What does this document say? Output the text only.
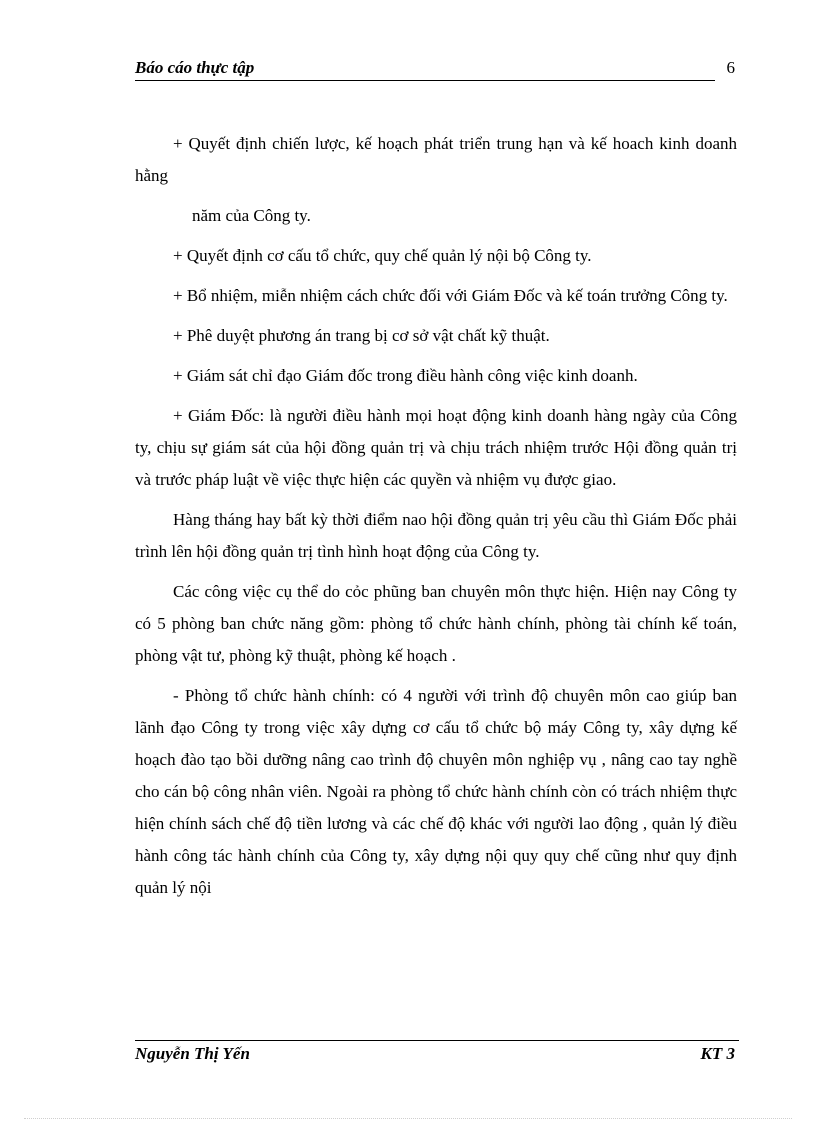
Báo cáo thực tập	6

+ Quyết định chiến lược, kế hoạch phát triển trung hạn và kế hoach kinh doanh hằng

năm của Công ty.

+ Quyết định cơ cấu tổ chức, quy chế quản lý nội bộ Công ty.

+ Bổ nhiệm, miễn nhiệm cách chức đối với Giám Đốc và kế toán trưởng Công ty.

+ Phê duyệt phương án trang bị cơ sở vật chất kỹ thuật.

+ Giám sát chỉ đạo Giám đốc trong điều hành công việc kinh doanh.

+ Giám Đốc: là người điều hành mọi hoạt động kinh doanh hàng ngày của Công ty, chịu sự giám sát của hội đồng quản trị và chịu trách nhiệm trước Hội đồng quản trị và trước pháp luật về việc thực hiện các quyền và nhiệm vụ được giao.

Hàng tháng hay bất kỳ thời điểm nao hội đồng quản trị yêu cầu thì Giám Đốc phải trình lên hội đồng quản trị tình hình hoạt động của Công ty.

Các công việc cụ thể do cỏc phũng ban chuyên môn thực hiện. Hiện nay Công ty có 5 phòng ban chức năng gồm: phòng tổ chức hành chính, phòng tài chính kế toán, phòng vật tư, phòng kỹ thuật, phòng kế hoạch .

- Phòng tổ chức hành chính: có 4 người với trình độ chuyên môn cao giúp ban lãnh đạo Công ty trong việc xây dựng cơ cấu tổ chức bộ máy Công ty, xây dựng kế hoạch đào tạo bồi dưỡng nâng cao trình độ chuyên môn nghiệp vụ , nâng cao tay nghề cho cán bộ công nhân viên. Ngoài ra phòng tổ chức hành chính còn có trách nhiệm thực hiện chính sách chế độ tiền lương và các chế độ khác với người lao động , quản lý điều hành công tác hành chính của Công ty, xây dựng nội quy quy chế cũng như quy định quản lý nội

Nguyễn Thị Yến	KT 3
